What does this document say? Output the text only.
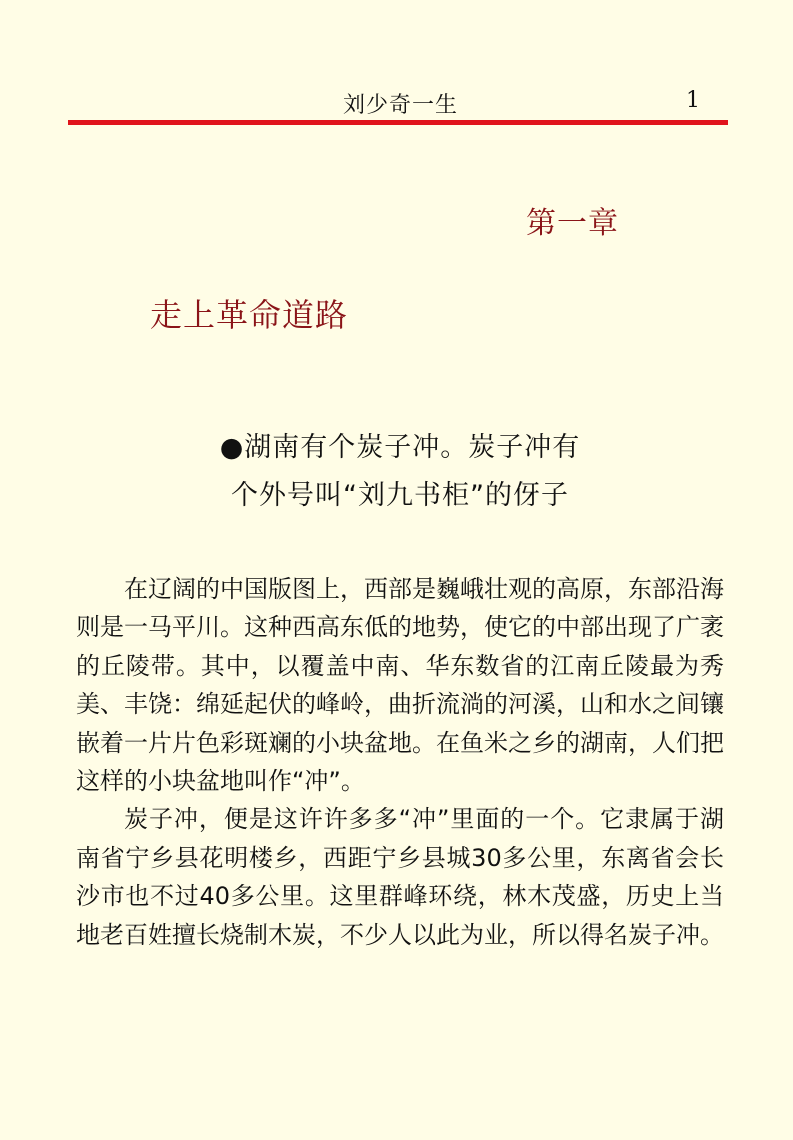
刘少奇一生	1
第一章
走上革命道路
●湖南有个炭子冲。炭子冲有
个外号叫“刘九书柜”的伢子

在辽阔的中国版图上，西部是巍峨壮观的高原，东部沿海则是一马平川。这种西高东低的地势，使它的中部出现了广袤的丘陵带。其中，以覆盖中南、华东数省的江南丘陵最为秀美、丰饶：绵延起伏的峰岭，曲折流淌的河溪，山和水之间镶嵌着一片片色彩斑斓的小块盆地。在鱼米之乡的湖南，人们把这样的小块盆地叫作“冲”。

炭子冲，便是这许许多多“冲”里面的一个。它隶属于湖南省宁乡县花明楼乡，西距宁乡县城30多公里，东离省会长沙市也不过40多公里。这里群峰环绕，林木茂盛，历史上当地老百姓擅长烧制木炭，不少人以此为业，所以得名炭子冲。
